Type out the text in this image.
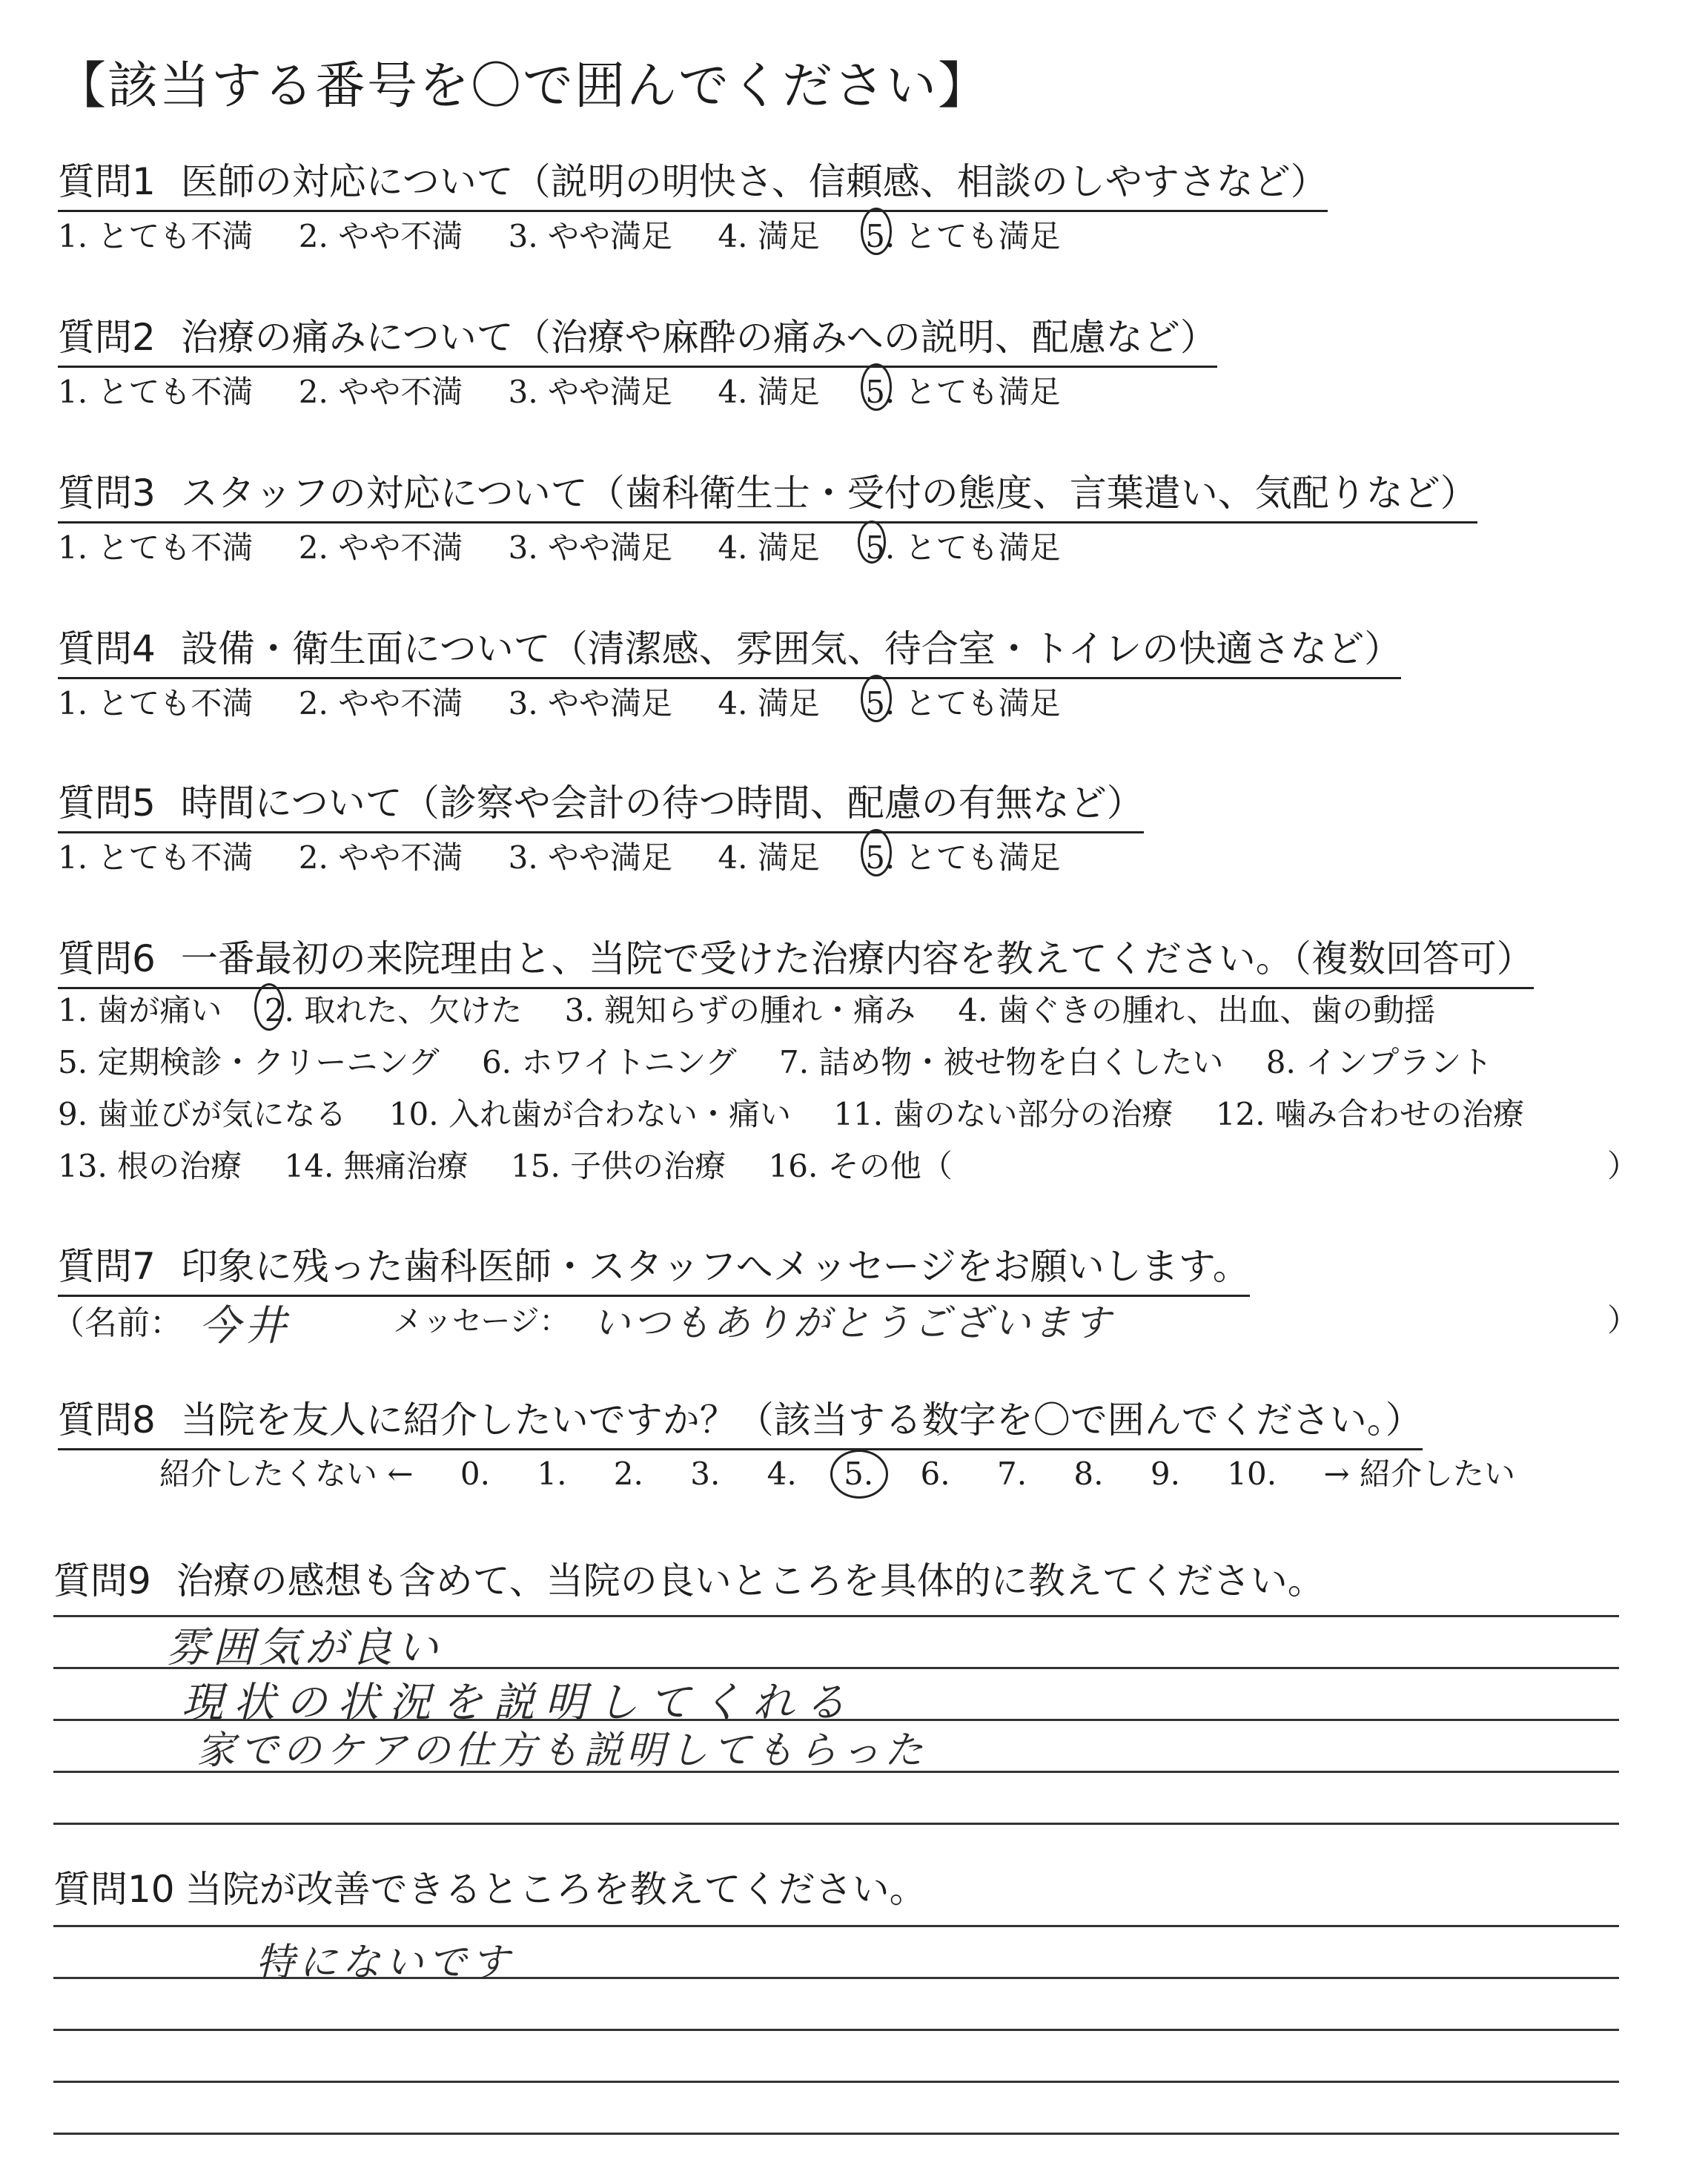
【該当する番号を〇で囲んでください】
質問1 医師の対応について（説明の明快さ、信頼感、相談のしやすさなど）
1. とても不満 2. やや不満 3. やや満足 4. 満足 5. とても満足
質問2 治療の痛みについて（治療や麻酔の痛みへの説明、配慮など）
1. とても不満 2. やや不満 3. やや満足 4. 満足 5. とても満足
質問3 スタッフの対応について（歯科衛生士・受付の態度、言葉遣い、気配りなど）
1. とても不満 2. やや不満 3. やや満足 4. 満足 5. とても満足
質問4 設備・衛生面について（清潔感、雰囲気、待合室・トイレの快適さなど）
1. とても不満 2. やや不満 3. やや満足 4. 満足 5. とても満足
質問5 時間について（診察や会計の待つ時間、配慮の有無など）
1. とても不満 2. やや不満 3. やや満足 4. 満足 5. とても満足
質問6 一番最初の来院理由と、当院で受けた治療内容を教えてください。（複数回答可）
1. 歯が痛い 2. 取れた、欠けた 3. 親知らずの腫れ・痛み 4. 歯ぐきの腫れ、出血、歯の動揺
5. 定期検診・クリーニング 6. ホワイトニング 7. 詰め物・被せ物を白くしたい 8. インプラント
9. 歯並びが気になる 10. 入れ歯が合わない・痛い 11. 歯のない部分の治療 12. 噛み合わせの治療
13. 根の治療 14. 無痛治療 15. 子供の治療 16. その他（	）
質問7 印象に残った歯科医師・スタッフへメッセージをお願いします。
（名前： 今井	メッセージ： いつもありがとうございます	）
質問8 当院を友人に紹介したいですか？（該当する数字を〇で囲んでください。）
紹介したくない ← 0. 1. 2. 3. 4. 5. 6. 7. 8. 9. 10. → 紹介したい
質問9 治療の感想も含めて、当院の良いところを具体的に教えてください。
雰囲気が良い
現状の状況を説明してくれる
家でのケアの仕方も説明してもらった
質問10 当院が改善できるところを教えてください。
特にないです
